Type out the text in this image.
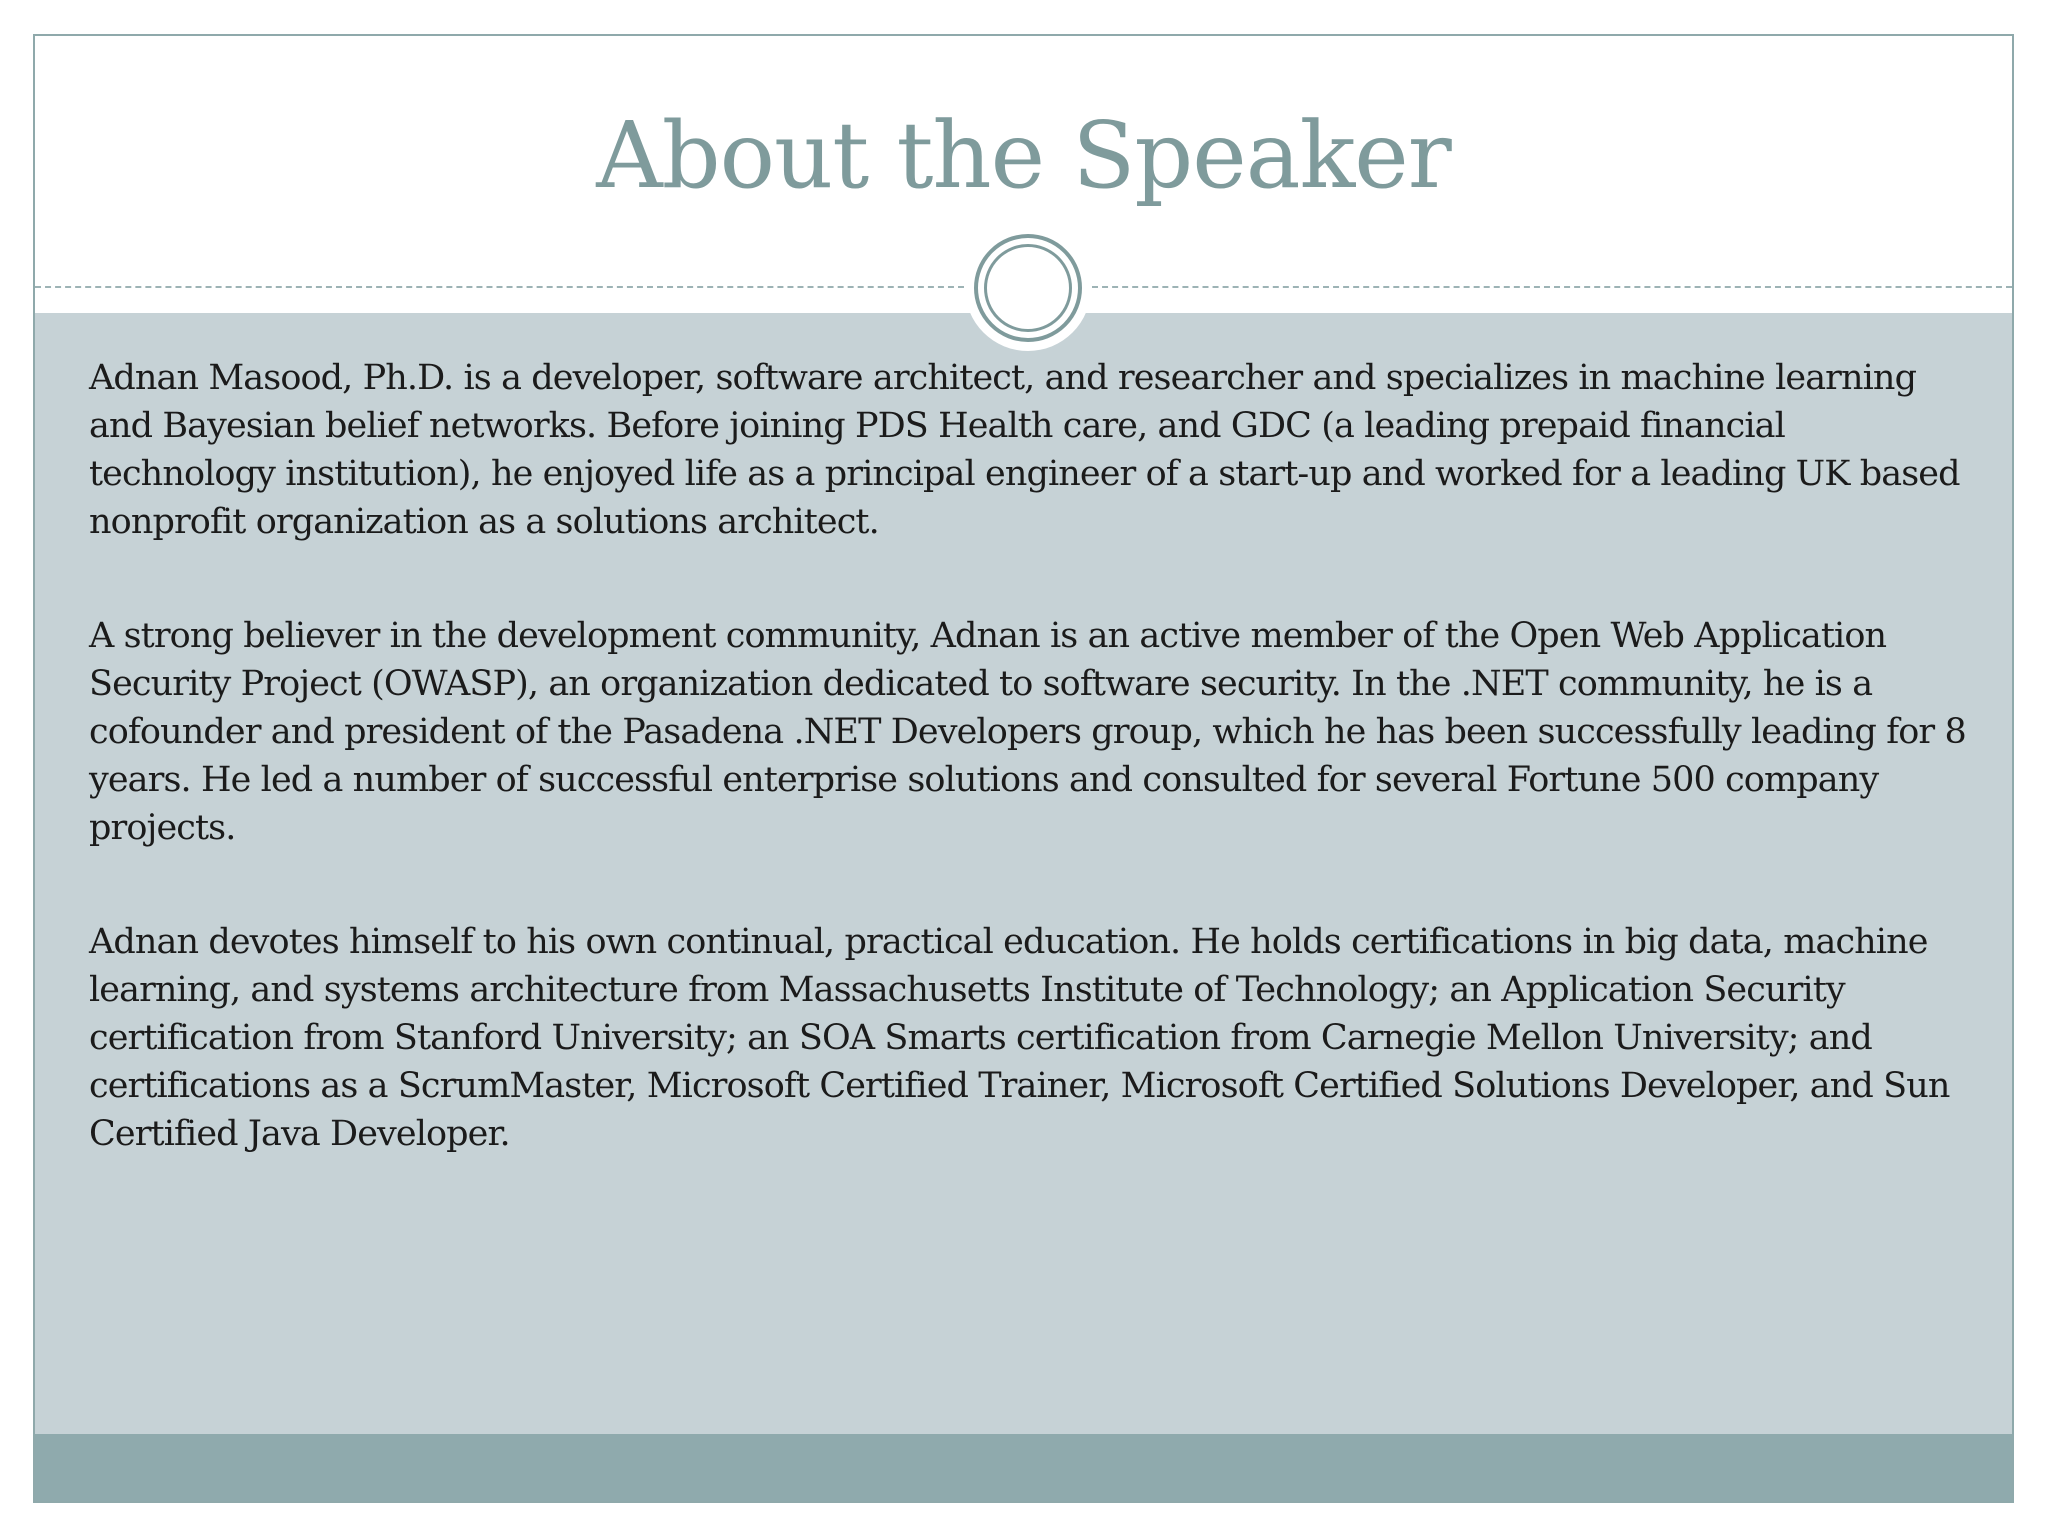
About the Speaker

Adnan Masood, Ph.D. is a developer, software architect, and researcher and specializes in machine learning and Bayesian belief networks. Before joining PDS Health care, and GDC (a leading prepaid financial technology institution), he enjoyed life as a principal engineer of a start-up and worked for a leading UK based nonprofit organization as a solutions architect.

A strong believer in the development community, Adnan is an active member of the Open Web Application Security Project (OWASP), an organization dedicated to software security. In the .NET community, he is a cofounder and president of the Pasadena .NET Developers group, which he has been successfully leading for 8 years. He led a number of successful enterprise solutions and consulted for several Fortune 500 company projects.

Adnan devotes himself to his own continual, practical education. He holds certifications in big data, machine learning, and systems architecture from Massachusetts Institute of Technology; an Application Security certification from Stanford University; an SOA Smarts certification from Carnegie Mellon University; and certifications as a ScrumMaster, Microsoft Certified Trainer, Microsoft Certified Solutions Developer, and Sun Certified Java Developer.
